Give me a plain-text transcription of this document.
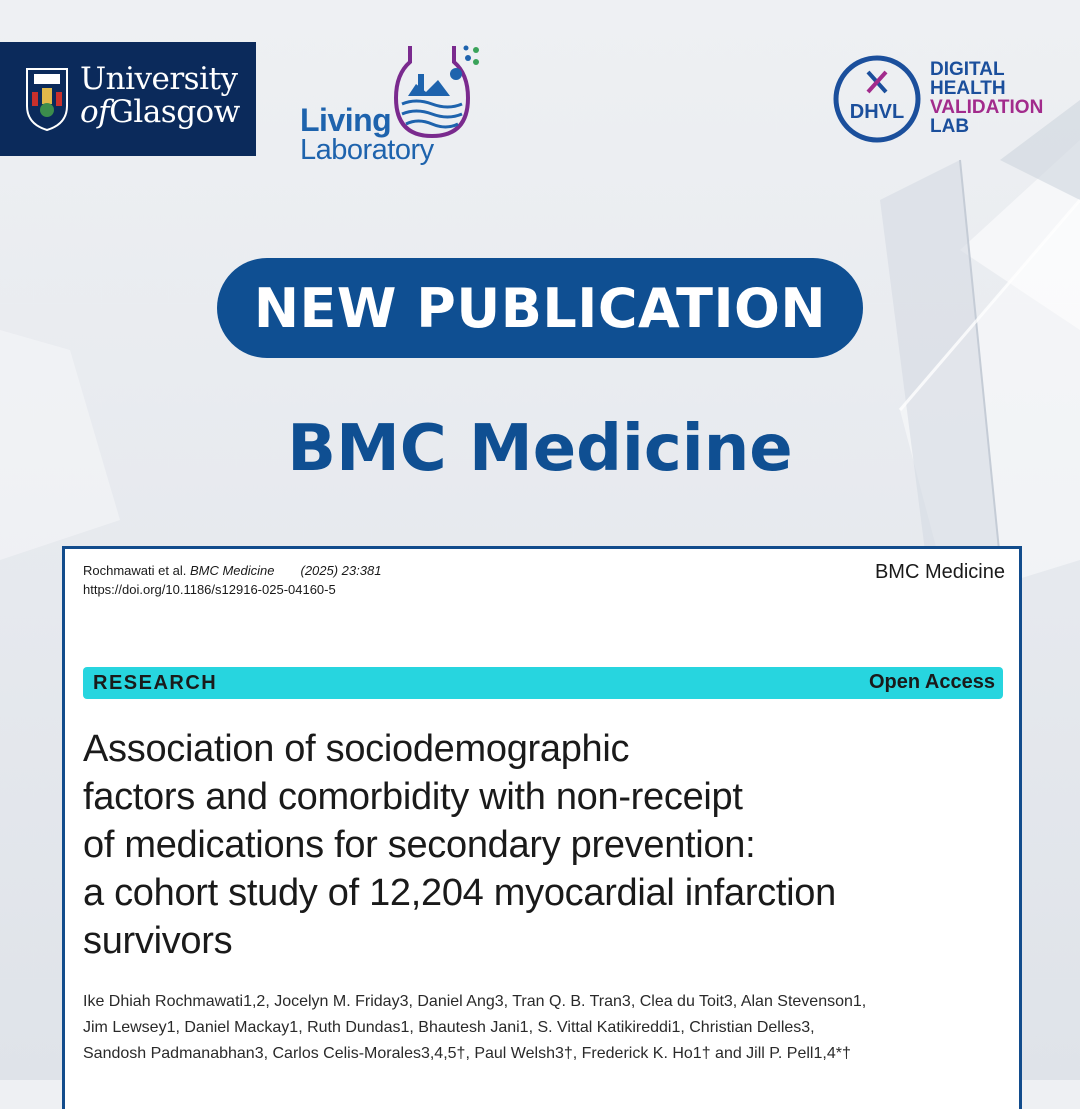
University
ofGlasgow Living
Laboratory
DHVL
DIGITAL
HEALTH
VALIDATION
LAB
NEW PUBLICATION
BMC Medicine
Rochmawati et al. BMC Medicine (2025) 23:381
https://doi.org/10.1186/s12916-025-04160-5
BMC Medicine
RESEARCH	Open Access
Association of sociodemographic
factors and comorbidity with non-receipt
of medications for secondary prevention:
a cohort study of 12,204 myocardial infarction
survivors
Ike Dhiah Rochmawati1,2, Jocelyn M. Friday3, Daniel Ang3, Tran Q. B. Tran3, Clea du Toit3, Alan Stevenson1,
Jim Lewsey1, Daniel Mackay1, Ruth Dundas1, Bhautesh Jani1, S. Vittal Katikireddi1, Christian Delles3,
Sandosh Padmanabhan3, Carlos Celis-Morales3,4,5†, Paul Welsh3†, Frederick K. Ho1† and Jill P. Pell1,4*†
